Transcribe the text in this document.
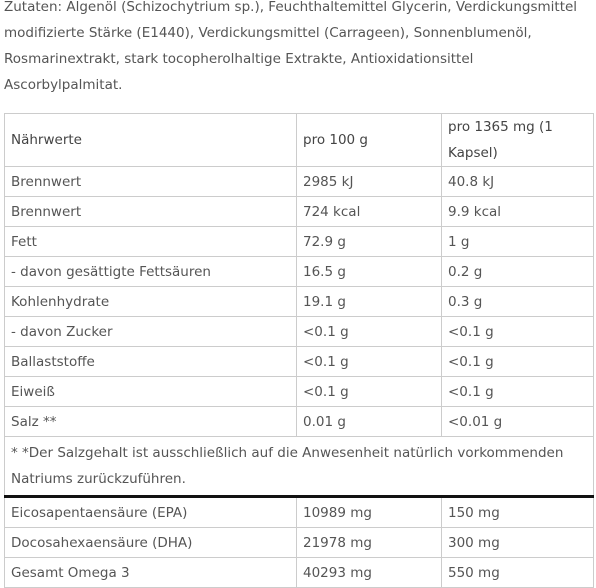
Zutaten: Algenöl (Schizochytrium sp.), Feuchthaltemittel Glycerin, Verdickungsmittel modifizierte Stärke (E1440), Verdickungsmittel (Carrageen), Sonnenblumenöl, Rosmarinextrakt, stark tocopherolhaltige Extrakte, Antioxidationsittel Ascorbylpalmitat.
Nährwerte	pro 100 g	pro 1365 mg (1 Kapsel)
Brennwert	2985 kJ	40.8 kJ
Brennwert	724 kcal	9.9 kcal
Fett	72.9 g	1 g
- davon gesättigte Fettsäuren	16.5 g	0.2 g
Kohlenhydrate	19.1 g	0.3 g
- davon Zucker	<0.1 g	<0.1 g
Ballaststoffe	<0.1 g	<0.1 g
Eiweiß	<0.1 g	<0.1 g
Salz **	0.01 g	<0.01 g
* *Der Salzgehalt ist ausschließlich auf die Anwesenheit natürlich vorkommenden Natriums zurückzuführen.		
Eicosapentaensäure (EPA)	10989 mg	150 mg
Docosahexaensäure (DHA)	21978 mg	300 mg
Gesamt Omega 3	40293 mg	550 mg
